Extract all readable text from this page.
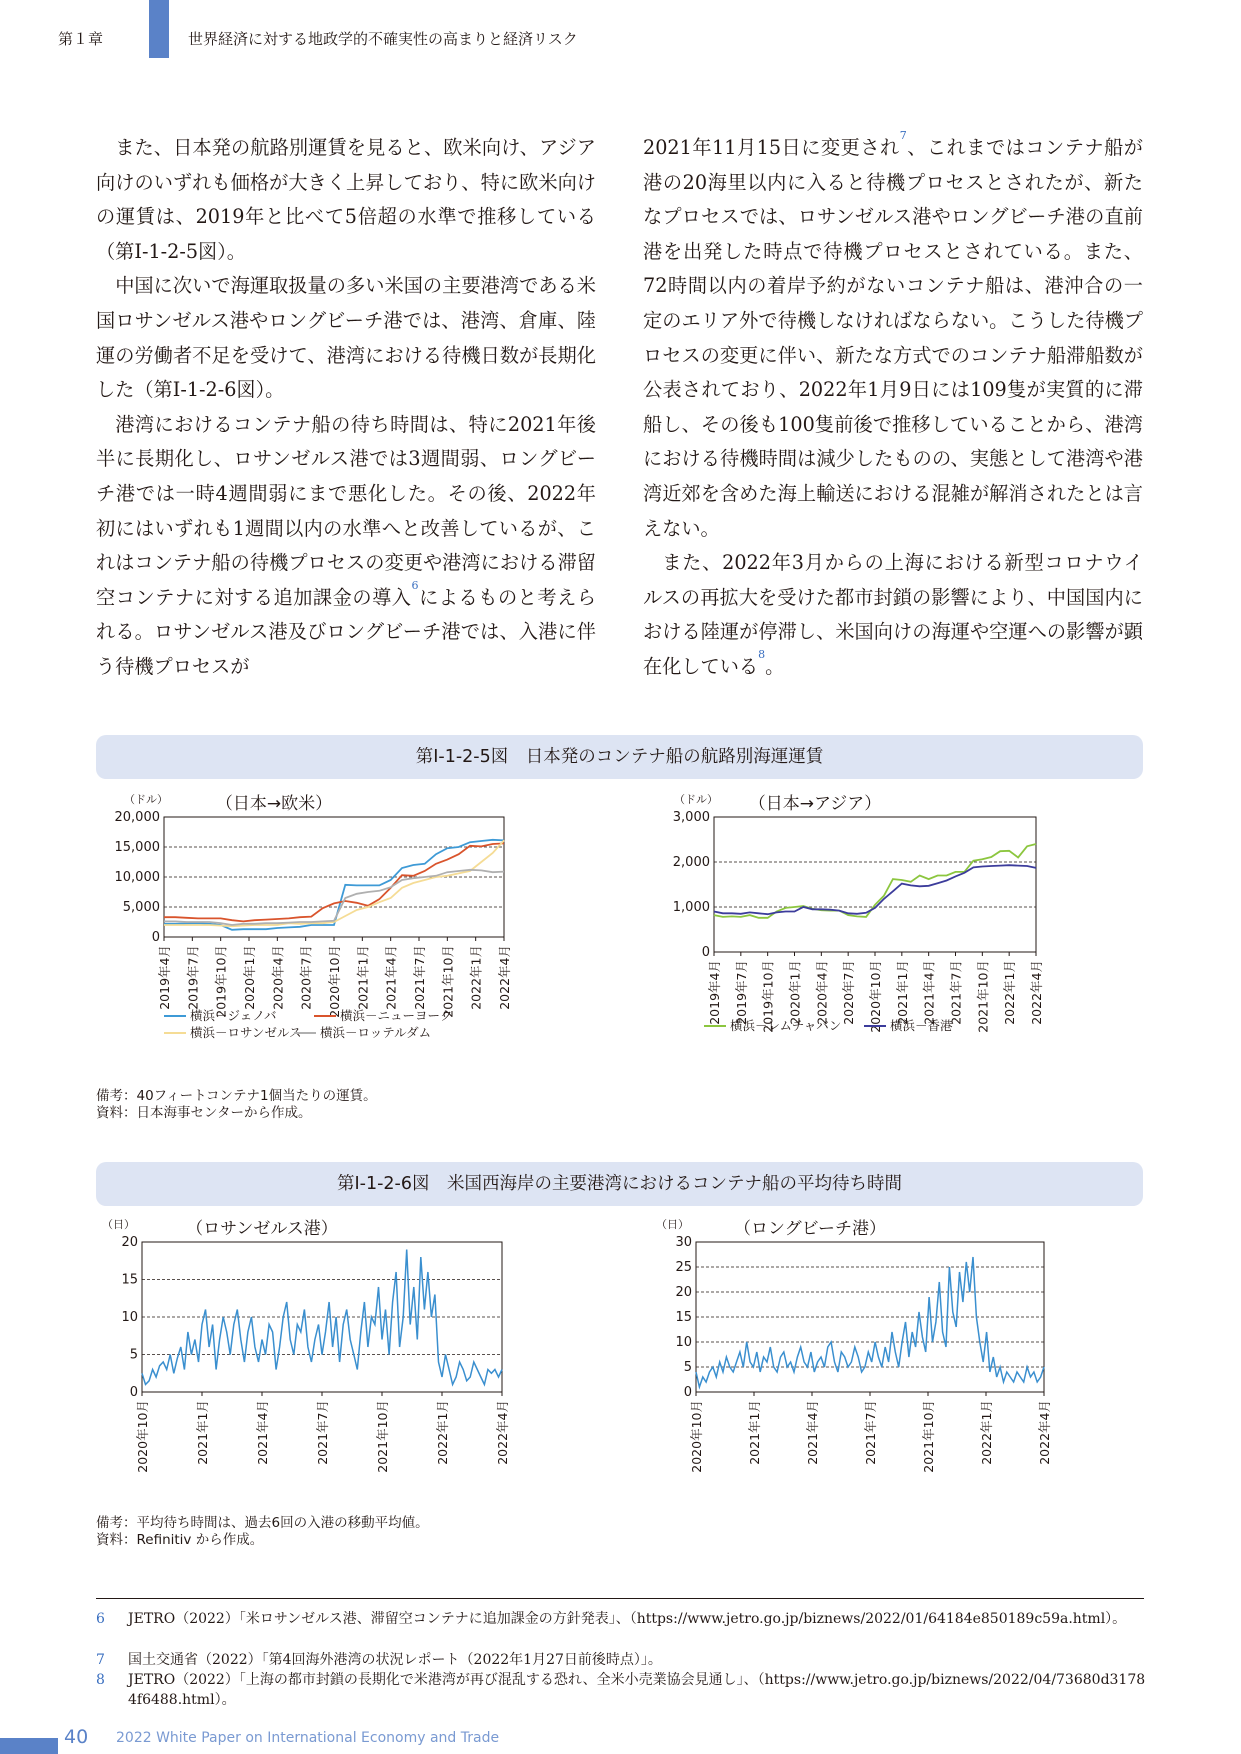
第１章	世界経済に対する地政学的不確実性の高まりと経済リスク

また、日本発の航路別運賃を見ると、欧米向け、アジア向けのいずれも価格が大きく上昇しており、特に欧米向けの運賃は、2019年と比べて5倍超の水準で推移している（第Ⅰ-1-2-5図）。

中国に次いで海運取扱量の多い米国の主要港湾である米国ロサンゼルス港やロングビーチ港では、港湾、倉庫、陸運の労働者不足を受けて、港湾における待機日数が長期化した（第Ⅰ-1-2-6図）。

港湾におけるコンテナ船の待ち時間は、特に2021年後半に長期化し、ロサンゼルス港では3週間弱、ロングビーチ港では一時4週間弱にまで悪化した。その後、2022年初にはいずれも1週間以内の水準へと改善しているが、これはコンテナ船の待機プロセスの変更や港湾における滞留空コンテナに対する追加課金の導入$^6$によるものと考えられる。ロサンゼルス港及びロングビーチ港では、入港に伴う待機プロセスが

2021年11月15日に変更され$^7$、これまではコンテナ船が港の20海里以内に入ると待機プロセスとされたが、新たなプロセスでは、ロサンゼルス港やロングビーチ港の直前港を出発した時点で待機プロセスとされている。また、72時間以内の着岸予約がないコンテナ船は、港沖合の一定のエリア外で待機しなければならない。こうした待機プロセスの変更に伴い、新たな方式でのコンテナ船滞船数が公表されており、2022年1月9日には109隻が実質的に滞船し、その後も100隻前後で推移していることから、港湾における待機時間は減少したものの、実態として港湾や港湾近郊を含めた海上輸送における混雑が解消されたとは言えない。

また、2022年3月からの上海における新型コロナウイルスの再拡大を受けた都市封鎖の影響により、中国国内における陸運が停滞し、米国向けの海運や空運への影響が顕在化している$^8$。

第Ⅰ-1-2-5図　日本発のコンテナ船の航路別海運運賃
（日本→欧米）
（ドル）
0
5,000
10,000
15,000
20,000
2019年4月 2019年7月 2019年10月 2020年1月 2020年4月 2020年7月 2020年10月 2021年1月 2021年4月 2021年7月 2021年10月 2022年1月 2022年4月
横浜－ジェノバ	横浜－ニューヨーク
横浜－ロサンゼルス 横浜－ロッテルダム
（日本→アジア）
（ドル）
0
1,000
2,000
3,000
2019年4月 2019年7月 2019年10月 2020年1月 2020年4月 2020年7月 2020年10月 2021年1月 2021年4月 2021年7月 2021年10月 2022年1月 2022年4月
横浜－レムチャバン	横浜－香港
備考：40フィートコンテナ1個当たりの運賃。
資料：日本海事センターから作成。
第Ⅰ-1-2-6図　米国西海岸の主要港湾におけるコンテナ船の平均待ち時間
（ロサンゼルス港）
（日）
0
5
10
15
20
2020年10月	2021年1月	2021年4月	2021年7月	2021年10月	2022年1月	2022年4月
（ロングビーチ港）
（日）
0
5
10
15
20
25
30
2020年10月	2021年1月	2021年4月	2021年7月	2021年10月	2022年1月	2022年4月
備考：平均待ち時間は、過去6回の入港の移動平均値。
資料：Refinitiv から作成。
6 JETRO（2022）「米ロサンゼルス港、滞留空コンテナに追加課金の方針発表」、（https://www.jetro.go.jp/biznews/2022/01/64184e850189c59a.html）。
7 国土交通省（2022）「第4回海外港湾の状況レポート（2022年1月27日前後時点）」。
8 JETRO（2022）「上海の都市封鎖の長期化で米港湾が再び混乱する恐れ、全米小売業協会見通し」、（https://www.jetro.go.jp/biznews/2022/04/73680d31784f6488.html）。
40 2022 White Paper on International Economy and Trade
